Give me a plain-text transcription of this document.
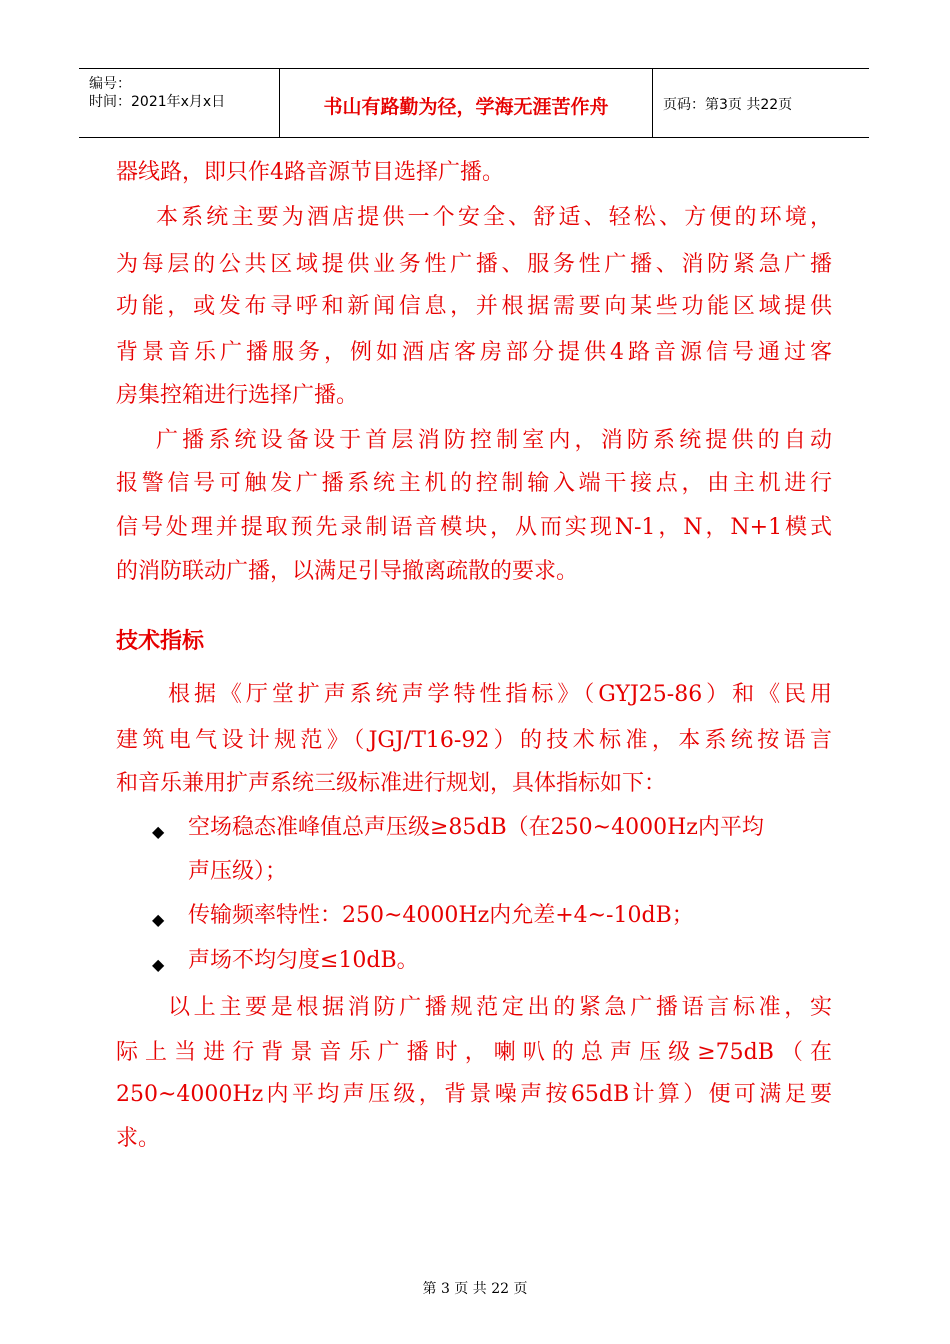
编号：
时间：2021年x月x日	书山有路勤为径，学海无涯苦作舟	页码：第3页 共22页
器线路，即只作4路音源节目选择广播。
本系统主要为酒店提供一个安全、舒适、轻松、方便的环境，
为每层的公共区域提供业务性广播、服务性广播、消防紧急广播
功能，或发布寻呼和新闻信息，并根据需要向某些功能区域提供
背景音乐广播服务，例如酒店客房部分提供4路音源信号通过客
房集控箱进行选择广播。
广播系统设备设于首层消防控制室内，消防系统提供的自动
报警信号可触发广播系统主机的控制输入端干接点，由主机进行
信号处理并提取预先录制语音模块，从而实现N-1，N，N+1模式
的消防联动广播，以满足引导撤离疏散的要求。
技术指标
根据《厅堂扩声系统声学特性指标》（GYJ25-86）和《民用
建筑电气设计规范》（JGJ/T16-92）的技术标准，本系统按语言
和音乐兼用扩声系统三级标准进行规划，具体指标如下：
◆ 空场稳态准峰值总声压级≥85dB（在250~4000Hz内平均
声压级）；
◆ 传输频率特性：250~4000Hz内允差+4~-10dB；
◆ 声场不均匀度≤10dB。
以上主要是根据消防广播规范定出的紧急广播语言标准，实
际上当进行背景音乐广播时，喇叭的总声压级≥75dB（在
250~4000Hz内平均声压级，背景噪声按65dB计算）便可满足要
求。
第 3 页 共 22 页
